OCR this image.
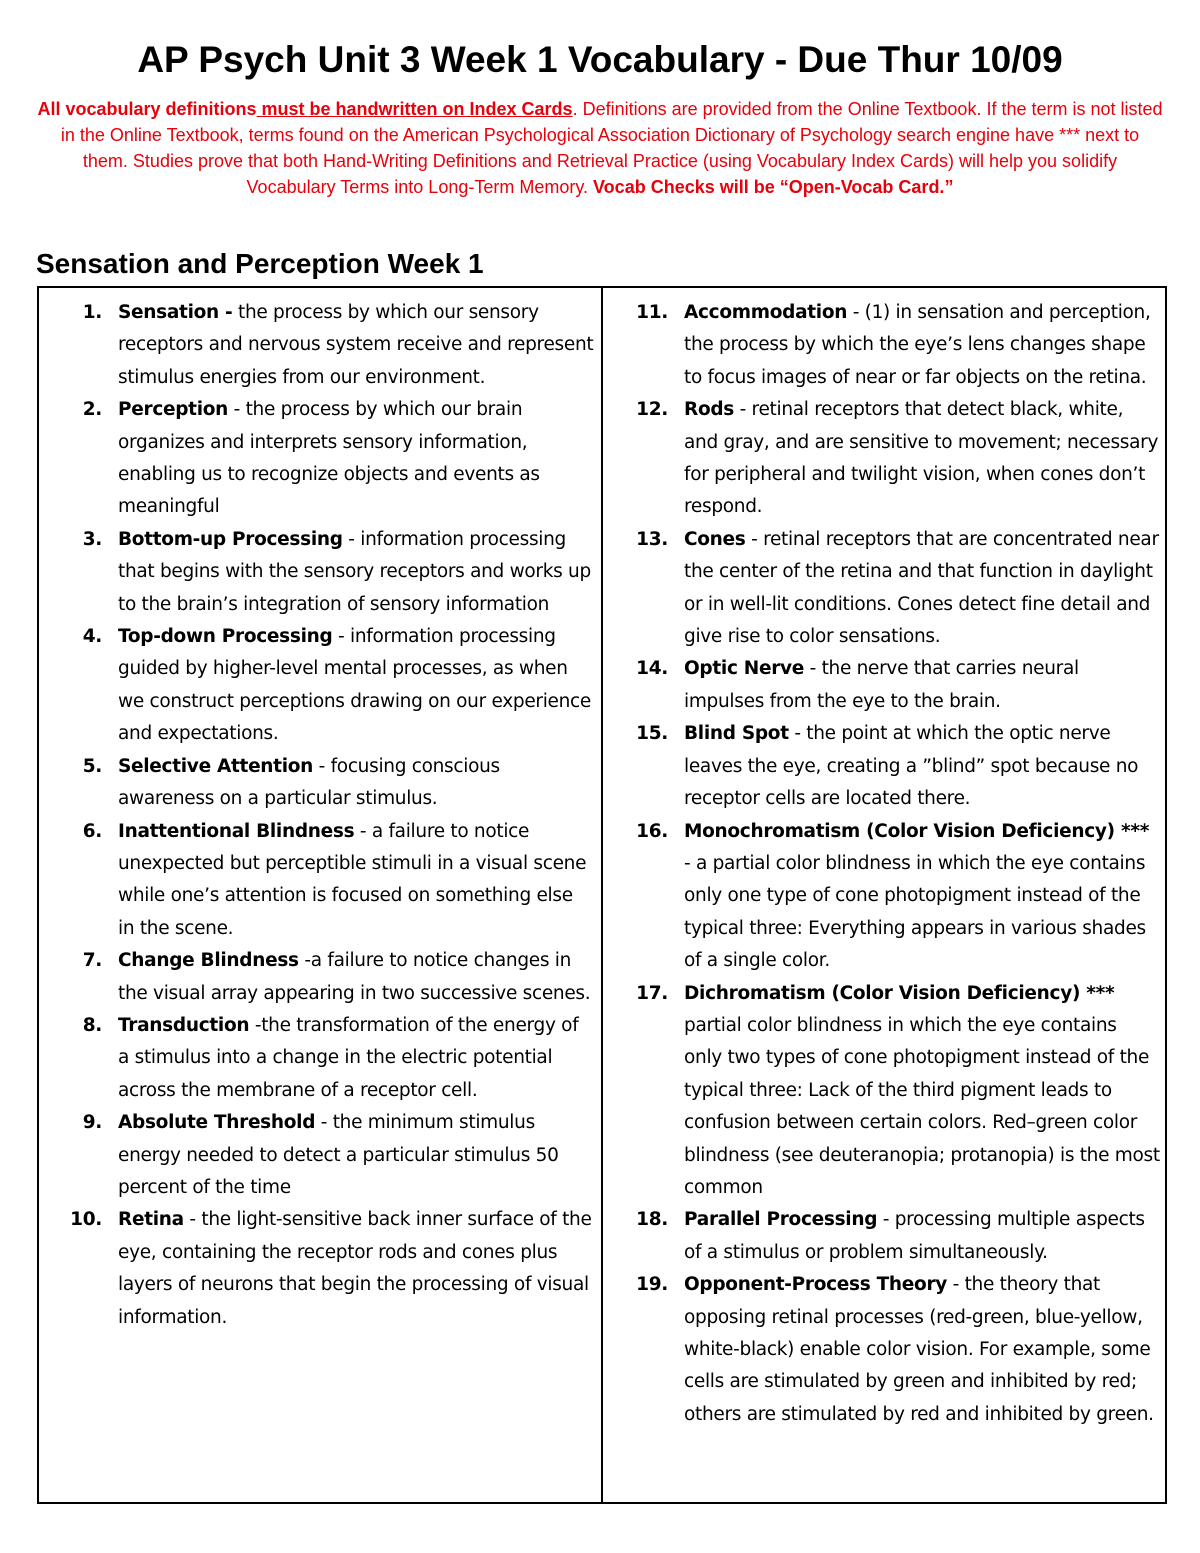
AP Psych Unit 3 Week 1 Vocabulary - Due Thur 10/09
All vocabulary definitions must be handwritten on Index Cards. Definitions are provided from the Online Textbook. If the term is not listed in the Online Textbook, terms found on the American Psychological Association Dictionary of Psychology search engine have *** next to them. Studies prove that both Hand-Writing Definitions and Retrieval Practice (using Vocabulary Index Cards) will help you solidify Vocabulary Terms into Long-Term Memory. Vocab Checks will be “Open-Vocab Card.”
Sensation and Perception Week 1
1. Sensation - the process by which our sensory receptors and nervous system receive and represent stimulus energies from our environment.
2. Perception - the process by which our brain organizes and interprets sensory information, enabling us to recognize objects and events as meaningful
3. Bottom-up Processing - information processing that begins with the sensory receptors and works up to the brain’s integration of sensory information
4. Top-down Processing - information processing guided by higher-level mental processes, as when we construct perceptions drawing on our experience and expectations.
5. Selective Attention - focusing conscious awareness on a particular stimulus.
6. Inattentional Blindness - a failure to notice unexpected but perceptible stimuli in a visual scene while one’s attention is focused on something else in the scene.
7. Change Blindness -a failure to notice changes in the visual array appearing in two successive scenes.
8. Transduction -the transformation of the energy of a stimulus into a change in the electric potential across the membrane of a receptor cell.
9. Absolute Threshold - the minimum stimulus energy needed to detect a particular stimulus 50 percent of the time
10. Retina - the light-sensitive back inner surface of the eye, containing the receptor rods and cones plus layers of neurons that begin the processing of visual information.
11. Accommodation - (1) in sensation and perception, the process by which the eye’s lens changes shape to focus images of near or far objects on the retina.
12. Rods - retinal receptors that detect black, white, and gray, and are sensitive to movement; necessary for peripheral and twilight vision, when cones don’t respond.
13. Cones - retinal receptors that are concentrated near the center of the retina and that function in daylight or in well-lit conditions. Cones detect fine detail and give rise to color sensations.
14. Optic Nerve - the nerve that carries neural impulses from the eye to the brain.
15. Blind Spot - the point at which the optic nerve leaves the eye, creating a ”blind” spot because no receptor cells are located there.
16. Monochromatism (Color Vision Deficiency) *** - a partial color blindness in which the eye contains only one type of cone photopigment instead of the typical three: Everything appears in various shades of a single color.
17. Dichromatism (Color Vision Deficiency) *** partial color blindness in which the eye contains only two types of cone photopigment instead of the typical three: Lack of the third pigment leads to confusion between certain colors. Red–green color blindness (see deuteranopia; protanopia) is the most common
18. Parallel Processing - processing multiple aspects of a stimulus or problem simultaneously.
19. Opponent-Process Theory - the theory that opposing retinal processes (red-green, blue-yellow, white-black) enable color vision. For example, some cells are stimulated by green and inhibited by red; others are stimulated by red and inhibited by green.
